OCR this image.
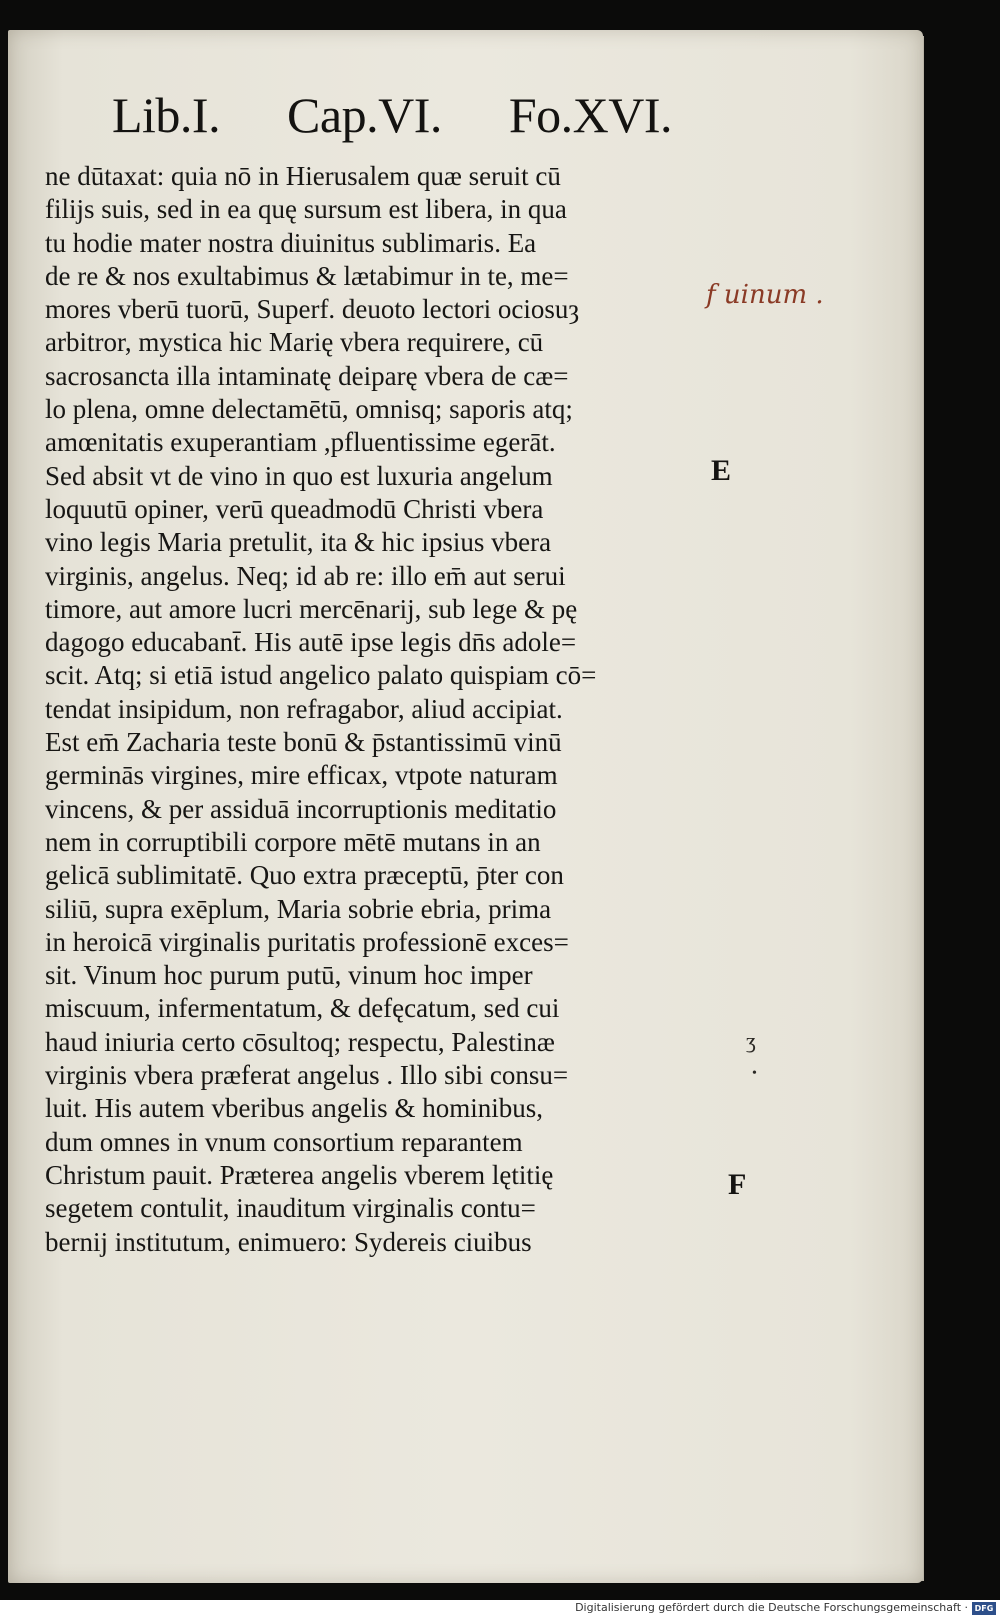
Lib.I. Cap.VI. Fo.XVI.
ne dūtaxat: quia nō in Hierusalem quæ seruit cū
filijs suis, sed in ea quę sursum est libera, in qua
tu hodie mater nostra diuinitus sublimaris. Ea
de re & nos exultabimus & lætabimur in te, me=
mores vberū tuorū, Superf. deuoto lectori ociosuȝ
arbitror, mystica hic Marię vbera requirere, cū
sacrosancta illa intaminatę deiparę vbera de cæ=
lo plena, omne delectamētū, omnisq; saporis atq;
amœnitatis exuperantiam ,pfluentissime egerāt.
Sed absit vt de vino in quo est luxuria angelum
loquutū opiner, verū queadmodū Christi vbera
vino legis Maria pretulit, ita & hic ipsius vbera
virginis, angelus. Neq; id ab re: illo em̄ aut serui
timore, aut amore lucri mercēnarij, sub lege & pę
dagogo educabant̄. His autē ipse legis dn̄s adole=
scit. Atq; si etiā istud angelico palato quispiam cō=
tendat insipidum, non refragabor, aliud accipiat.
Est em̄ Zacharia teste bonū & p̄stantissimū vinū
germinās virgines, mire efficax, vtpote naturam
vincens, & per assiduā incorruptionis meditatio
nem in corruptibili corpore mētē mutans in an
gelicā sublimitatē. Quo extra præceptū, p̄ter con
siliū, supra exēplum, Maria sobrie ebria, prima
in heroicā virginalis puritatis professionē exces=
sit. Vinum hoc purum putū, vinum hoc imper
miscuum, infermentatum, & defęcatum, sed cui
haud iniuria certo cōsultoq; respectu, Palestinæ
virginis vbera præferat angelus . Illo sibi consu=
luit. His autem vberibus angelis & hominibus,
dum omnes in vnum consortium reparantem
Christum pauit. Præterea angelis vberem lętitię
segetem contulit, inauditum virginalis contu=
bernij institutum, enimuero: Sydereis ciuibus
f uinum .
E
F
ʒ
•
Digitalisierung gefördert durch die Deutsche Forschungsgemeinschaft · DFG
